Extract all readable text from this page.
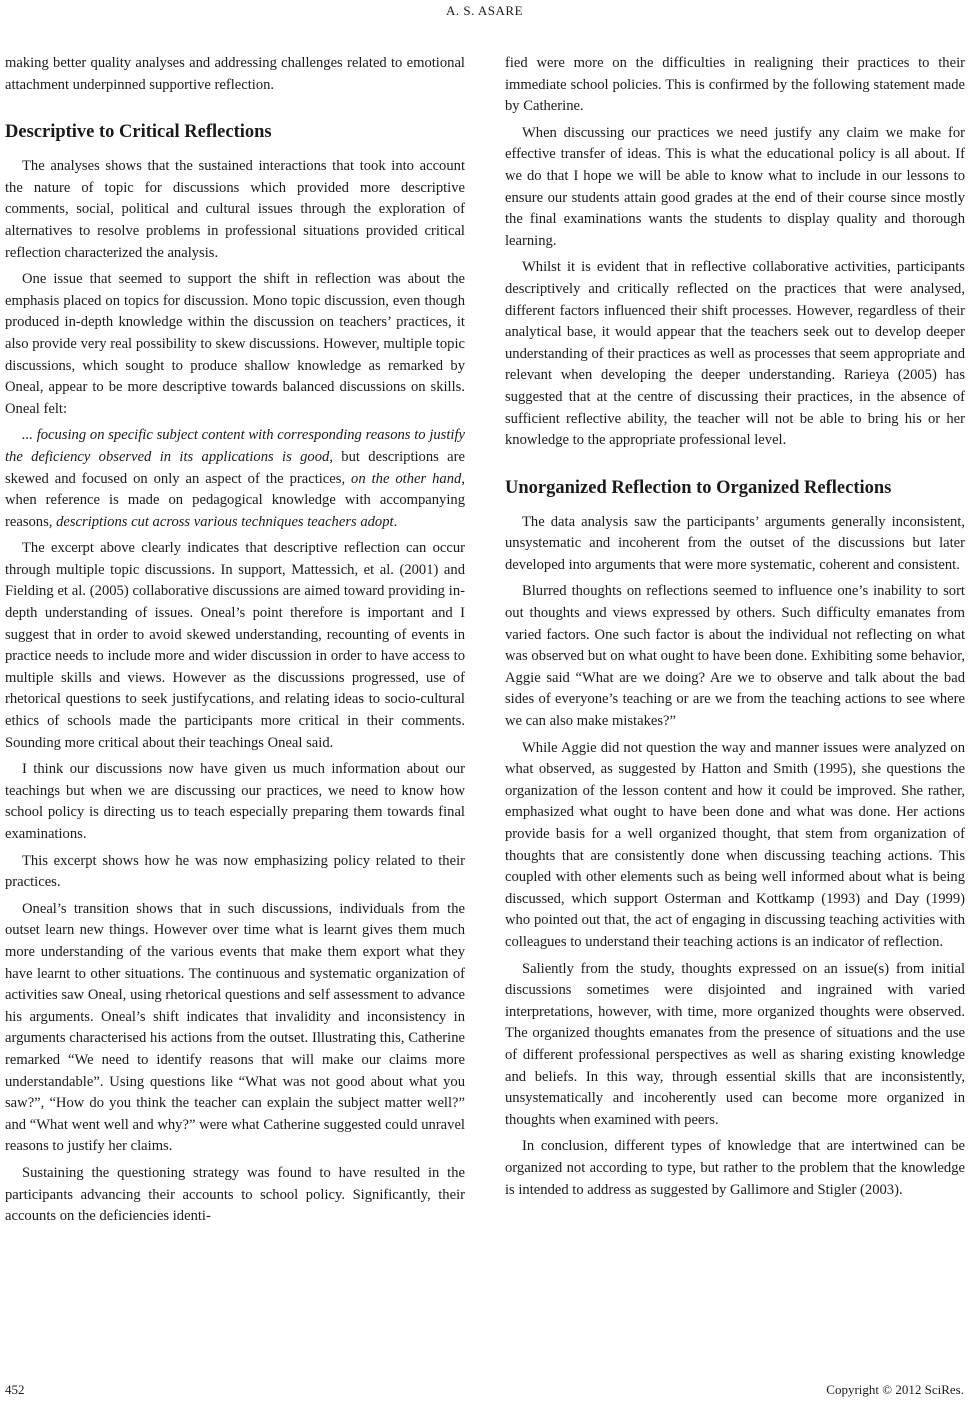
A. S. ASARE

making better quality analyses and addressing challenges related to emotional attachment underpinned supportive reflection.

Descriptive to Critical Reflections

The analyses shows that the sustained interactions that took into account the nature of topic for discussions which provided more descriptive comments, social, political and cultural issues through the exploration of alternatives to resolve problems in professional situations provided critical reflection characterized the analysis.

One issue that seemed to support the shift in reflection was about the emphasis placed on topics for discussion. Mono topic discussion, even though produced in-depth knowledge within the discussion on teachers’ practices, it also provide very real possibility to skew discussions. However, multiple topic discussions, which sought to produce shallow knowledge as remarked by Oneal, appear to be more descriptive towards balanced discussions on skills. Oneal felt:

... focusing on specific subject content with corresponding reasons to justify the deficiency observed in its applications is good, but descriptions are skewed and focused on only an aspect of the practices, on the other hand, when reference is made on pedagogical knowledge with accompanying reasons, descriptions cut across various techniques teachers adopt.

The excerpt above clearly indicates that descriptive reflection can occur through multiple topic discussions. In support, Mattessich, et al. (2001) and Fielding et al. (2005) collaborative discussions are aimed toward providing in-depth understanding of issues. Oneal’s point therefore is important and I suggest that in order to avoid skewed understanding, recounting of events in practice needs to include more and wider discussion in order to have access to multiple skills and views. However as the discussions progressed, use of rhetorical questions to seek justifycations, and relating ideas to socio-cultural ethics of schools made the participants more critical in their comments. Sounding more critical about their teachings Oneal said.

I think our discussions now have given us much information about our teachings but when we are discussing our practices, we need to know how school policy is directing us to teach especially preparing them towards final examinations.

This excerpt shows how he was now emphasizing policy related to their practices.

Oneal’s transition shows that in such discussions, individuals from the outset learn new things. However over time what is learnt gives them much more understanding of the various events that make them export what they have learnt to other situations. The continuous and systematic organization of activities saw Oneal, using rhetorical questions and self assessment to advance his arguments. Oneal’s shift indicates that invalidity and inconsistency in arguments characterised his actions from the outset. Illustrating this, Catherine remarked “We need to identify reasons that will make our claims more understandable”. Using questions like “What was not good about what you saw?”, “How do you think the teacher can explain the subject matter well?” and “What went well and why?” were what Catherine suggested could unravel reasons to justify her claims.

Sustaining the questioning strategy was found to have resulted in the participants advancing their accounts to school policy. Significantly, their accounts on the deficiencies identi-

fied were more on the difficulties in realigning their practices to their immediate school policies. This is confirmed by the following statement made by Catherine.

When discussing our practices we need justify any claim we make for effective transfer of ideas. This is what the educational policy is all about. If we do that I hope we will be able to know what to include in our lessons to ensure our students attain good grades at the end of their course since mostly the final examinations wants the students to display quality and thorough learning.

Whilst it is evident that in reflective collaborative activities, participants descriptively and critically reflected on the practices that were analysed, different factors influenced their shift processes. However, regardless of their analytical base, it would appear that the teachers seek out to develop deeper understanding of their practices as well as processes that seem appropriate and relevant when developing the deeper understanding. Rarieya (2005) has suggested that at the centre of discussing their practices, in the absence of sufficient reflective ability, the teacher will not be able to bring his or her knowledge to the appropriate professional level.

Unorganized Reflection to Organized Reflections

The data analysis saw the participants’ arguments generally inconsistent, unsystematic and incoherent from the outset of the discussions but later developed into arguments that were more systematic, coherent and consistent.

Blurred thoughts on reflections seemed to influence one’s inability to sort out thoughts and views expressed by others. Such difficulty emanates from varied factors. One such factor is about the individual not reflecting on what was observed but on what ought to have been done. Exhibiting some behavior, Aggie said “What are we doing? Are we to observe and talk about the bad sides of everyone’s teaching or are we from the teaching actions to see where we can also make mistakes?”

While Aggie did not question the way and manner issues were analyzed on what observed, as suggested by Hatton and Smith (1995), she questions the organization of the lesson content and how it could be improved. She rather, emphasized what ought to have been done and what was done. Her actions provide basis for a well organized thought, that stem from organization of thoughts that are consistently done when discussing teaching actions. This coupled with other elements such as being well informed about what is being discussed, which support Osterman and Kottkamp (1993) and Day (1999) who pointed out that, the act of engaging in discussing teaching activities with colleagues to understand their teaching actions is an indicator of reflection.

Saliently from the study, thoughts expressed on an issue(s) from initial discussions sometimes were disjointed and ingrained with varied interpretations, however, with time, more organized thoughts were observed. The organized thoughts emanates from the presence of situations and the use of different professional perspectives as well as sharing existing knowledge and beliefs. In this way, through essential skills that are inconsistently, unsystematically and incoherently used can become more organized in thoughts when examined with peers.

In conclusion, different types of knowledge that are intertwined can be organized not according to type, but rather to the problem that the knowledge is intended to address as suggested by Gallimore and Stigler (2003).

452	Copyright © 2012 SciRes.
